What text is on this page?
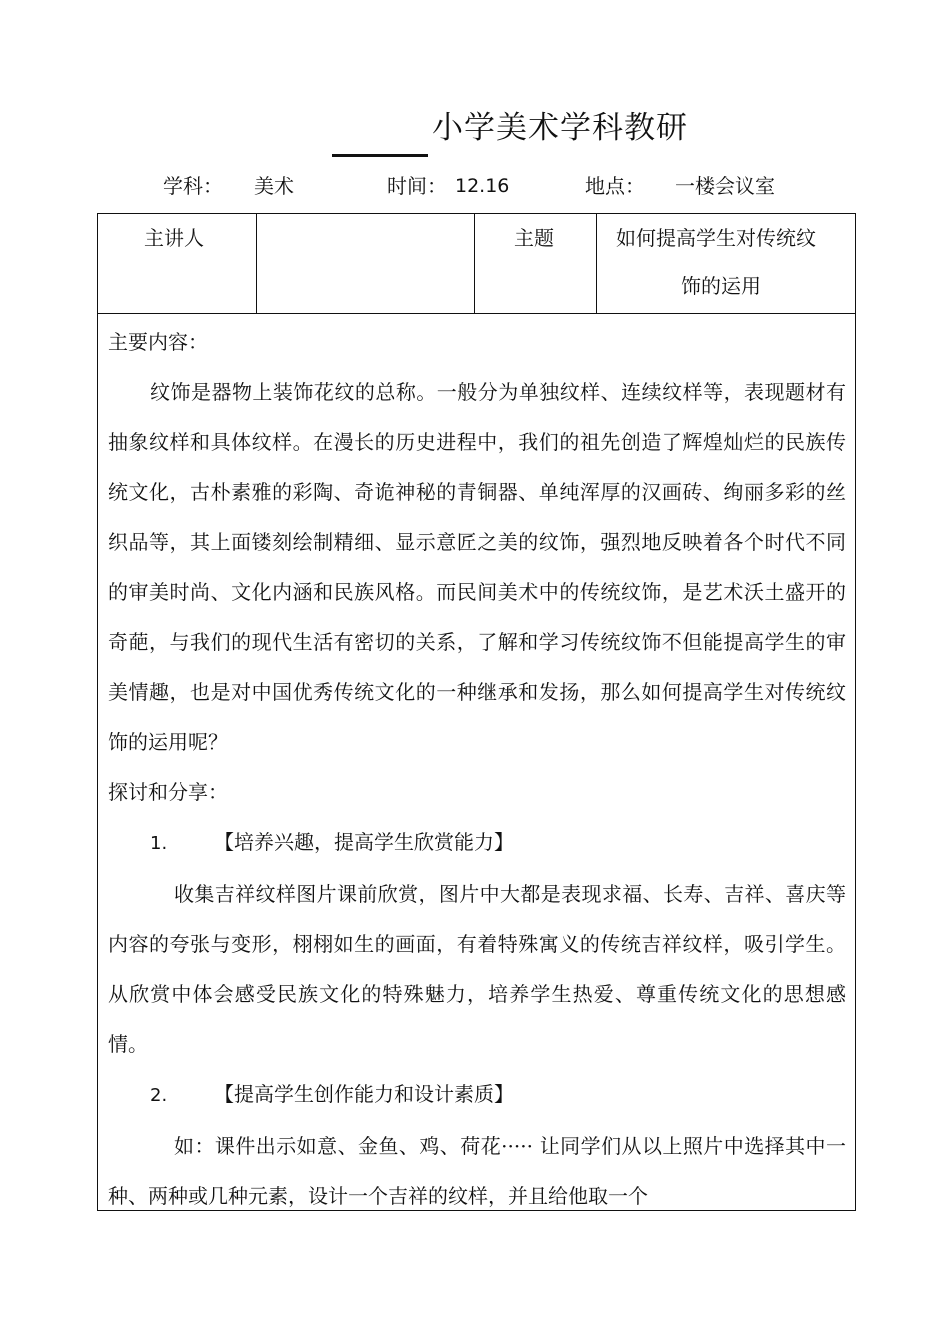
小学美术学科教研
学科： 美术	时间： 12.16	地点： 一楼会议室
主讲人	主题	如何提高学生对传统纹
饰的运用

主要内容：

纹饰是器物上装饰花纹的总称。一般分为单独纹样、连续纹样等，表现题材有抽象纹样和具体纹样。在漫长的历史进程中，我们的祖先创造了辉煌灿烂的民族传统文化，古朴素雅的彩陶、奇诡神秘的青铜器、单纯浑厚的汉画砖、绚丽多彩的丝织品等，其上面镂刻绘制精细、显示意匠之美的纹饰，强烈地反映着各个时代不同的审美时尚、文化内涵和民族风格。而民间美术中的传统纹饰，是艺术沃土盛开的奇葩，与我们的现代生活有密切的关系，了解和学习传统纹饰不但能提高学生的审美情趣，也是对中国优秀传统文化的一种继承和发扬，那么如何提高学生对传统纹饰的运用呢？

探讨和分享：

1. 【培养兴趣，提高学生欣赏能力】

收集吉祥纹样图片课前欣赏，图片中大都是表现求福、长寿、吉祥、喜庆等内容的夸张与变形，栩栩如生的画面，有着特殊寓义的传统吉祥纹样，吸引学生。从欣赏中体会感受民族文化的特殊魅力，培养学生热爱、尊重传统文化的思想感情。

2. 【提高学生创作能力和设计素质】

如：课件出示如意、金鱼、鸡、荷花····· 让同学们从以上照片中选择其中一种、两种或几种元素，设计一个吉祥的纹样，并且给他取一个
